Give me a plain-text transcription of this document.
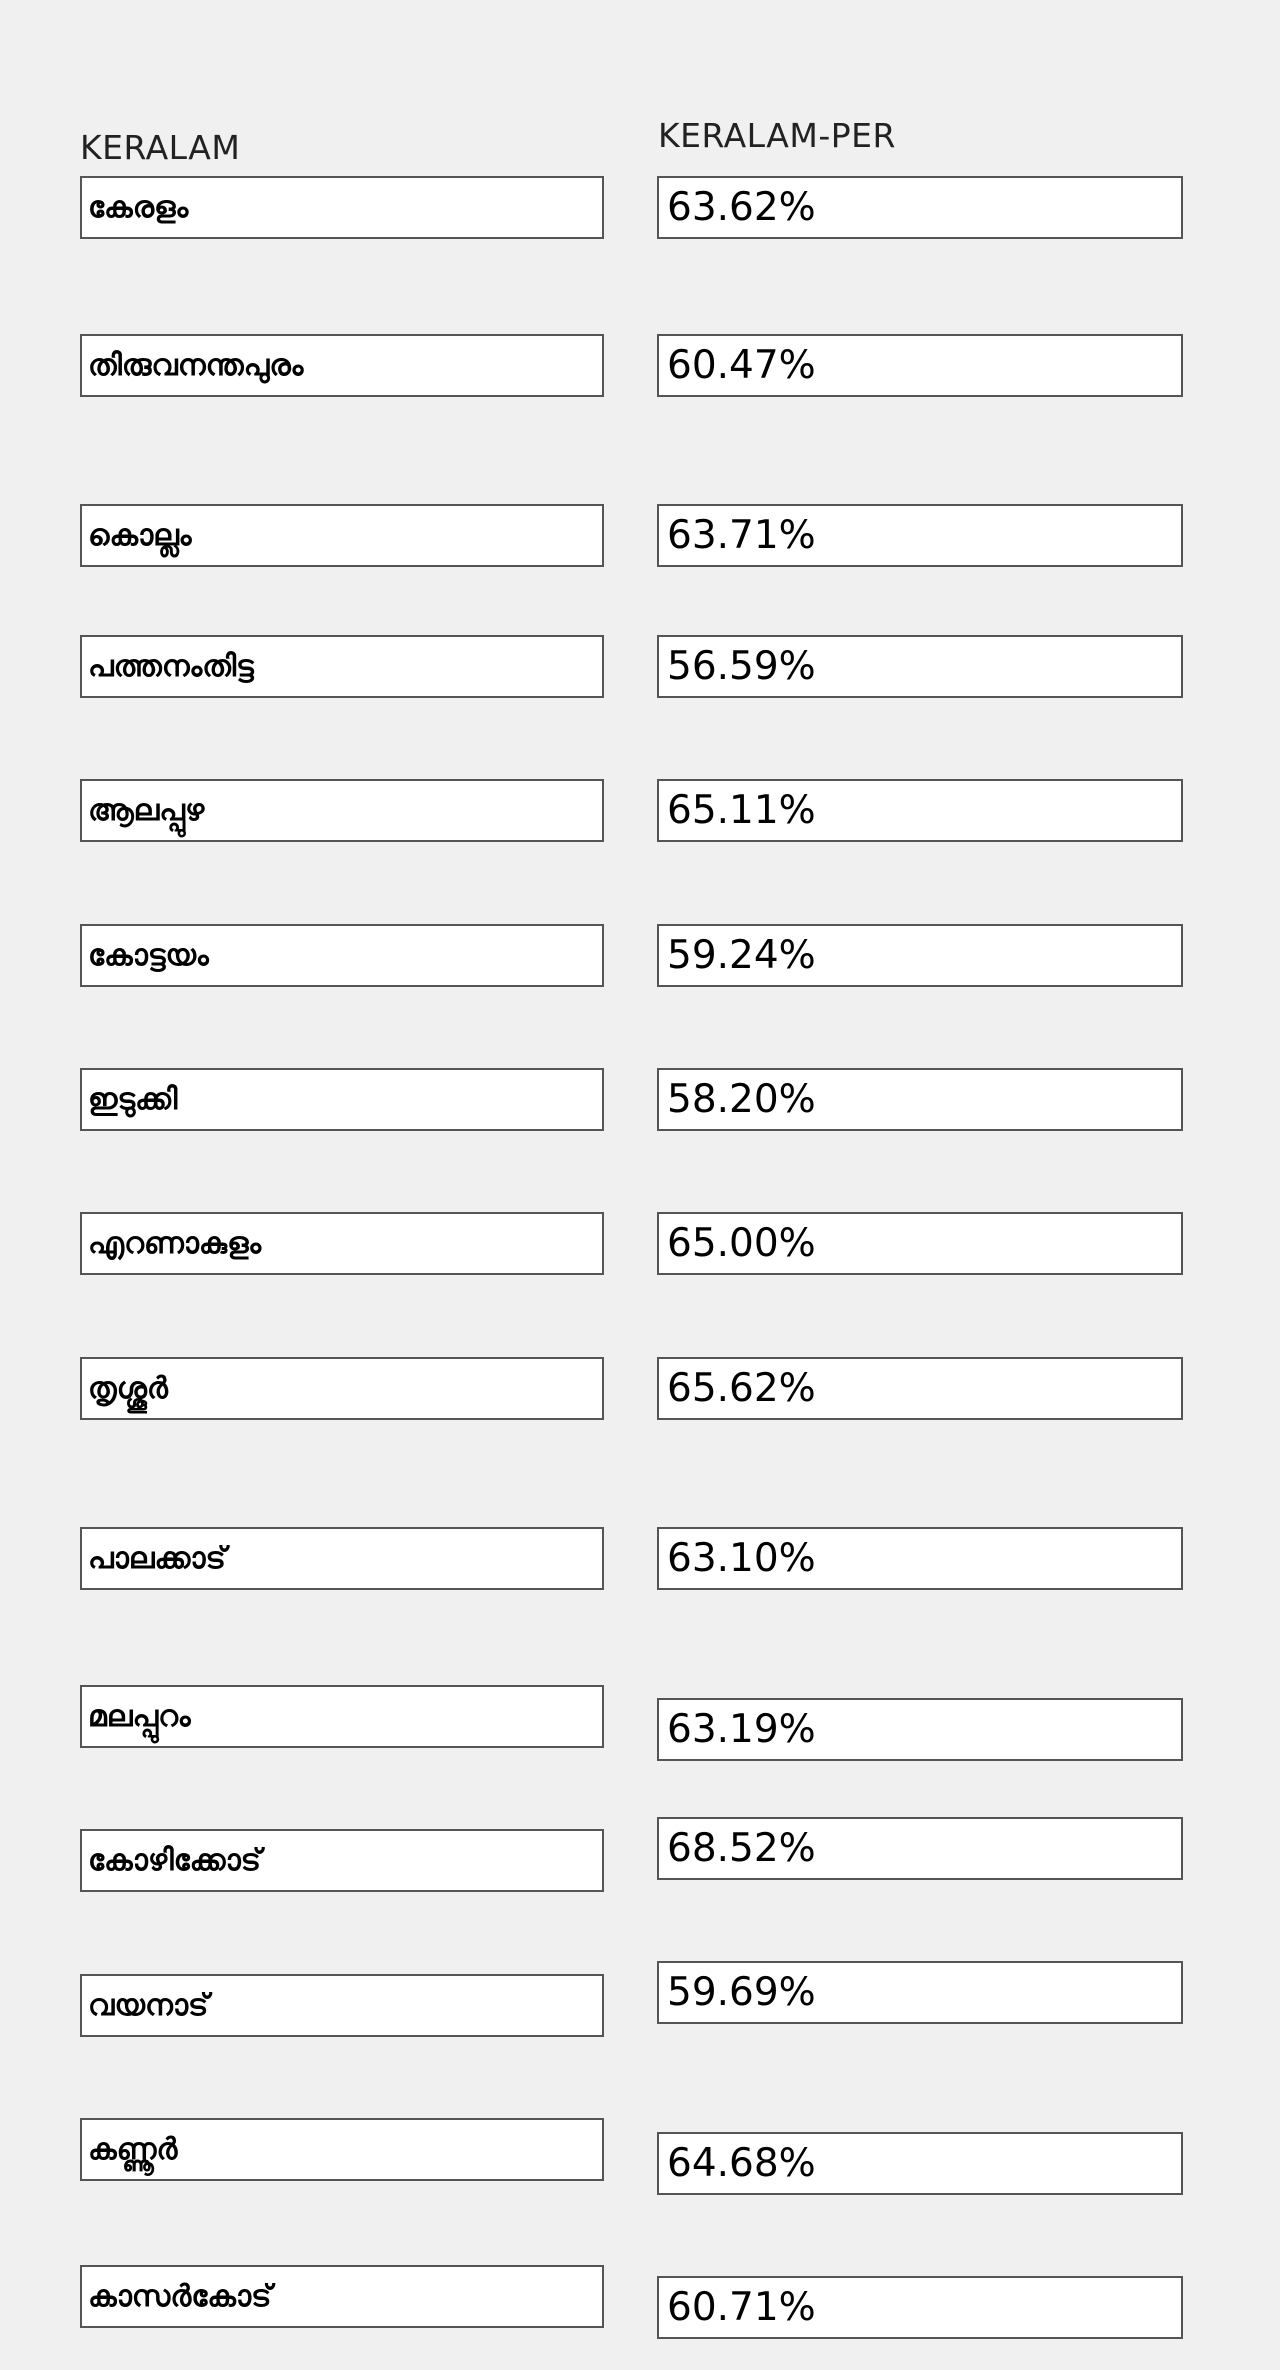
KERALAM	KERALAM-PER
കേരളം	63.62%
തിരുവനന്തപുരം	60.47%
കൊല്ലം	63.71%
പത്തനംതിട്ട	56.59%
ആലപ്പുഴ	65.11%
കോട്ടയം	59.24%
ഇടുക്കി	58.20%
എറണാകുളം	65.00%
തൃശ്ശൂർ	65.62%
പാലക്കാട്	63.10%
മലപ്പുറം	63.19%
കോഴിക്കോട്	68.52%
വയനാട്	59.69%
കണ്ണൂർ	64.68%
കാസർകോട്	60.71%
